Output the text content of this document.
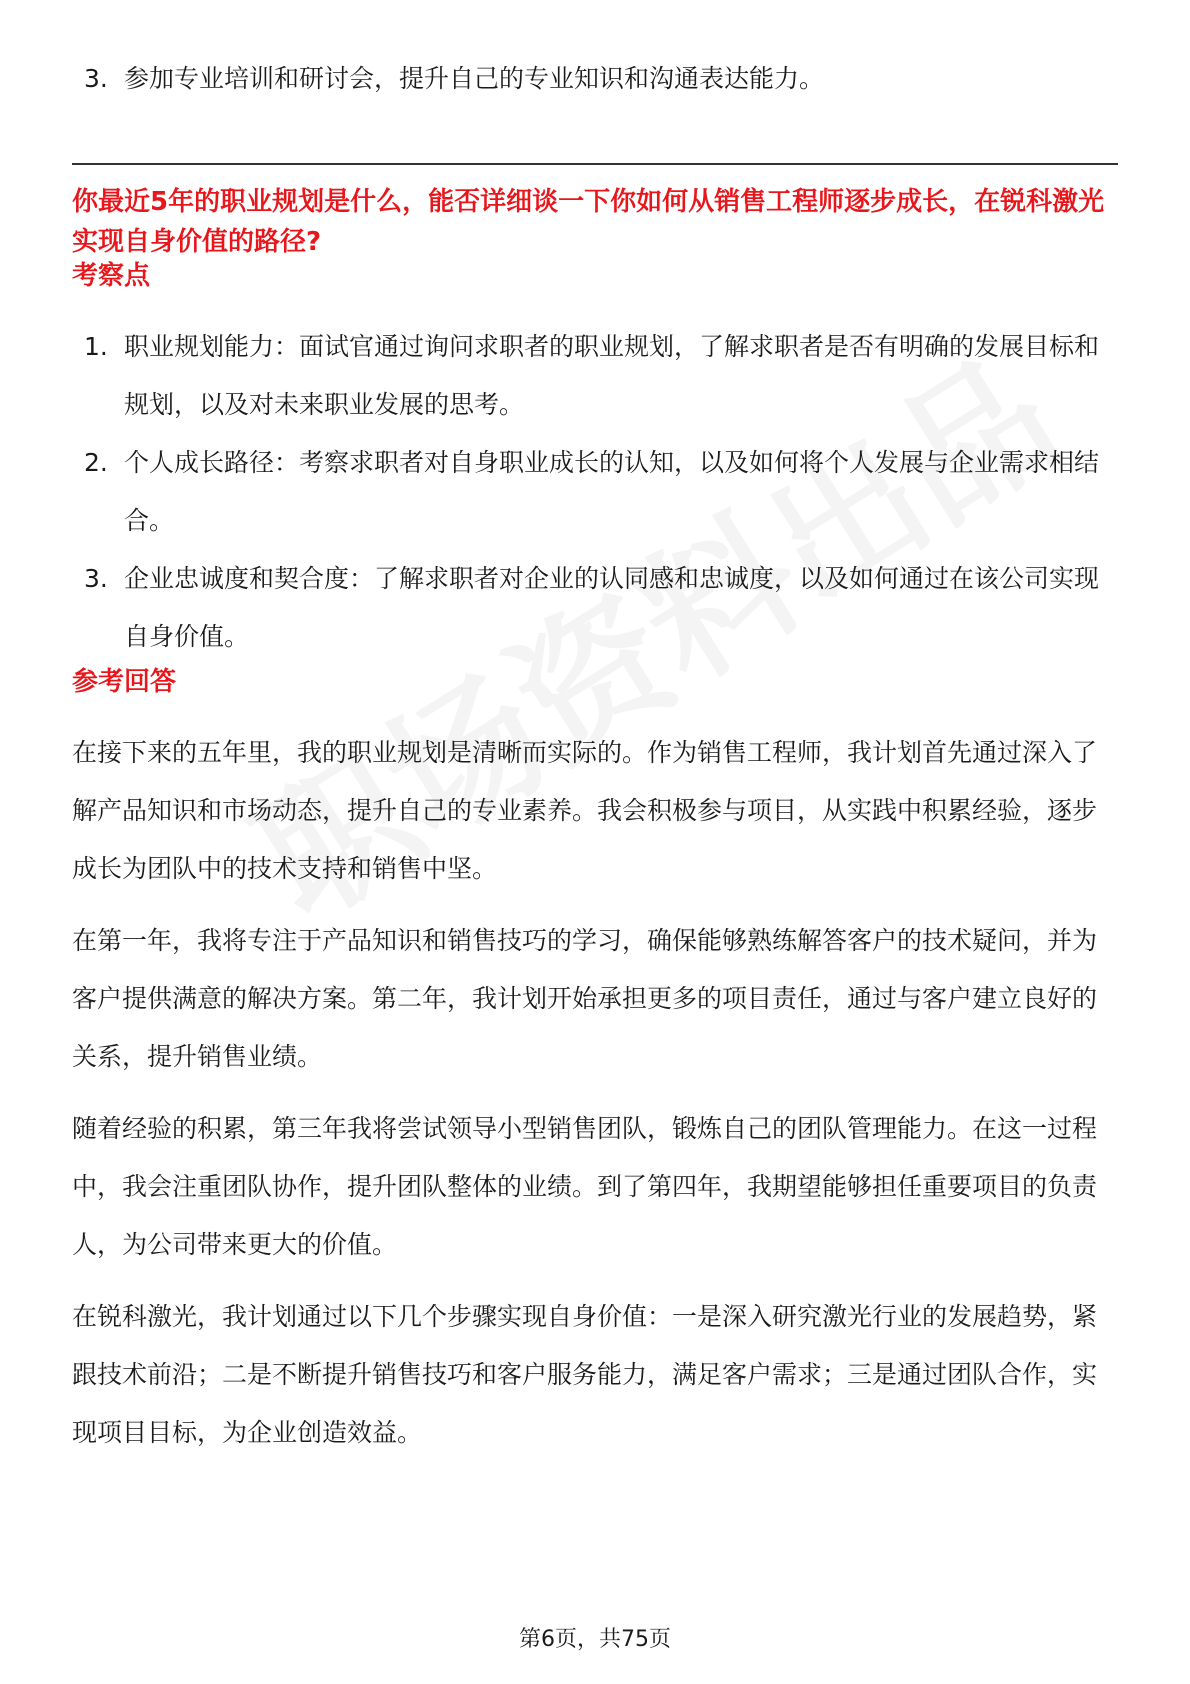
3. 参加专业培训和研讨会，提升自己的专业知识和沟通表达能力。
你最近5年的职业规划是什么，能否详细谈一下你如何从销售工程师逐步成长，在锐科激光实现自身价值的路径?
考察点
1. 职业规划能力：面试官通过询问求职者的职业规划，了解求职者是否有明确的发展目标和规划，以及对未来职业发展的思考。
2. 个人成长路径：考察求职者对自身职业成长的认知，以及如何将个人发展与企业需求相结合。
3. 企业忠诚度和契合度：了解求职者对企业的认同感和忠诚度，以及如何通过在该公司实现自身价值。
参考回答
在接下来的五年里，我的职业规划是清晰而实际的。作为销售工程师，我计划首先通过深入了解产品知识和市场动态，提升自己的专业素养。我会积极参与项目，从实践中积累经验，逐步成长为团队中的技术支持和销售中坚。
在第一年，我将专注于产品知识和销售技巧的学习，确保能够熟练解答客户的技术疑问，并为客户提供满意的解决方案。第二年，我计划开始承担更多的项目责任，通过与客户建立良好的关系，提升销售业绩。
随着经验的积累，第三年我将尝试领导小型销售团队，锻炼自己的团队管理能力。在这一过程中，我会注重团队协作，提升团队整体的业绩。到了第四年，我期望能够担任重要项目的负责人，为公司带来更大的价值。
在锐科激光，我计划通过以下几个步骤实现自身价值：一是深入研究激光行业的发展趋势，紧跟技术前沿；二是不断提升销售技巧和客户服务能力，满足客户需求；三是通过团队合作，实现项目目标，为企业创造效益。
第6页，共75页
